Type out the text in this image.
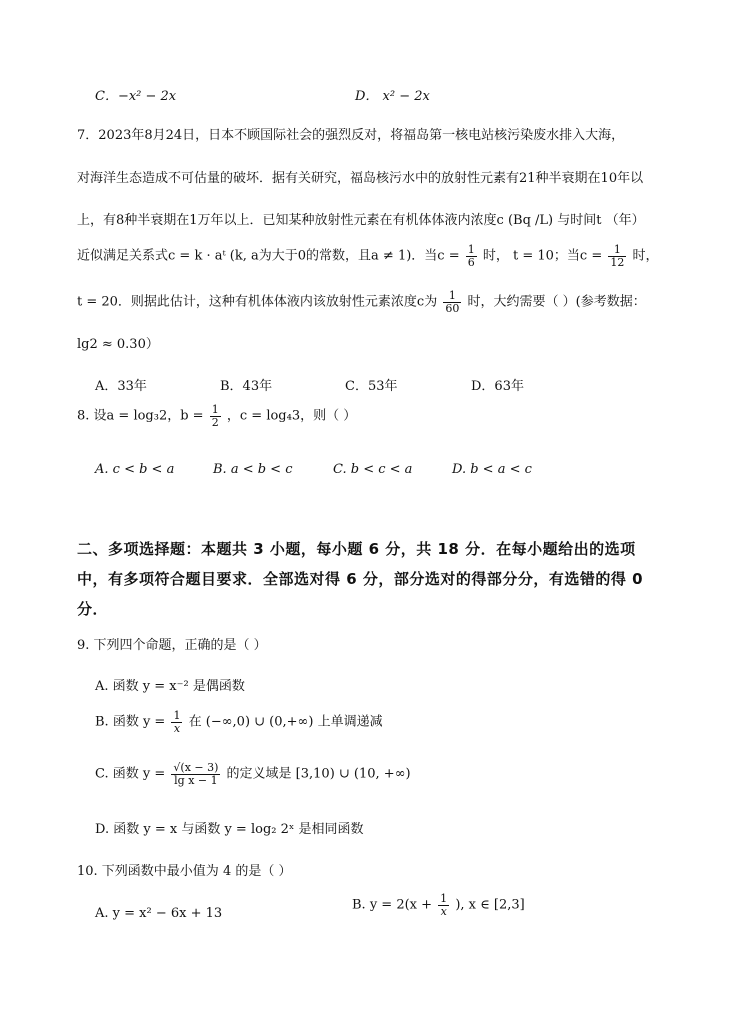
C．−x² − 2x	D． x² − 2x
7．2023年8月24日，日本不顾国际社会的强烈反对，将福岛第一核电站核污染废水排入大海，
对海洋生态造成不可估量的破坏．据有关研究，福岛核污水中的放射性元素有21种半衰期在10年以
上，有8种半衰期在1万年以上．已知某种放射性元素在有机体体液内浓度c (Bq /L) 与时间t （年）
近似满足关系式c = k · aᵗ (k, a为大于0的常数，且a ≠ 1)．当$c = \frac{1}{6}$ 时， t = 10；当$c = \frac{1}{12}$ 时，
t = 20．则据此估计，这种有机体体液内该放射性元素浓度c为 $\frac{1}{60}$ 时，大约需要（ ）(参考数据：
lg2 ≈ 0.30）
A．33年	B．43年	C．53年	D．63年
8. 设a = log₃2，$b = \frac{1}{2}$ ，c = log₄3，则（ ）
A. c < b < a	B. a < b < c	C. b < c < a	D. b < a < c
二、多项选择题：本题共 3 小题，每小题 6 分，共 18 分．在每小题给出的选项
中，有多项符合题目要求．全部选对得 6 分，部分选对的得部分分，有选错的得 0
分．
9. 下列四个命题，正确的是（ ）
A. 函数 y = x⁻² 是偶函数
B. 函数 $y = \frac{1}{x}$ 在 (−∞,0) ∪ (0,+∞) 上单调递减
C. 函数 $y = \frac{√(x - 3)}{\text{lg x − 1}}$ 的定义域是 [3,10) ∪ (10, +∞)
D. 函数 y = x 与函数 y = log₂ 2ˣ 是相同函数
10. 下列函数中最小值为 4 的是（ ）
A. y = x² − 6x + 13
B. $y = 2(x + \frac{1}{x}$ ), x ∈ [2,3]
